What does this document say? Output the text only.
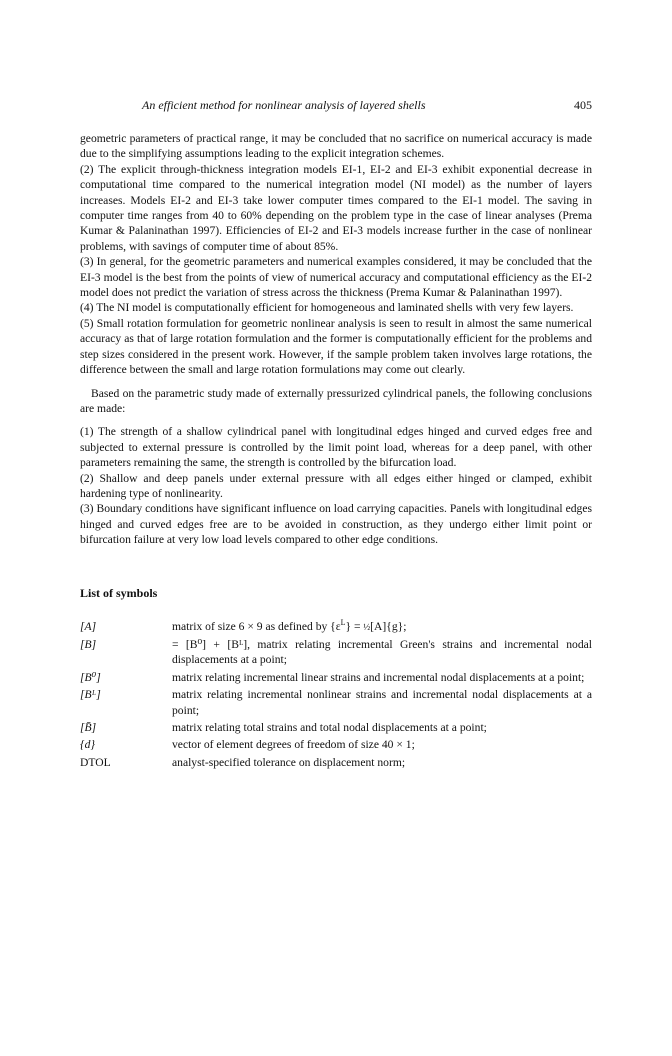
An efficient method for nonlinear analysis of layered shells	405

geometric parameters of practical range, it may be concluded that no sacrifice on numerical accuracy is made due to the simplifying assumptions leading to the explicit integration schemes.

(2) The explicit through-thickness integration models EI-1, EI-2 and EI-3 exhibit exponential decrease in computational time compared to the numerical integration model (NI model) as the number of layers increases. Models EI-2 and EI-3 take lower computer times compared to the EI-1 model. The saving in computer time ranges from 40 to 60% depending on the problem type in the case of linear analyses (Prema Kumar & Palaninathan 1997). Efficiencies of EI-2 and EI-3 models increase further in the case of nonlinear problems, with savings of computer time of about 85%.

(3) In general, for the geometric parameters and numerical examples considered, it may be concluded that the EI-3 model is the best from the points of view of numerical accuracy and computational efficiency as the EI-2 model does not predict the variation of stress across the thickness (Prema Kumar & Palaninathan 1997).

(4) The NI model is computationally efficient for homogeneous and laminated shells with very few layers.

(5) Small rotation formulation for geometric nonlinear analysis is seen to result in almost the same numerical accuracy as that of large rotation formulation and the former is computationally efficient for the problems and step sizes considered in the present work. However, if the sample problem taken involves large rotations, the difference between the small and large rotation formulations may come out clearly.

Based on the parametric study made of externally pressurized cylindrical panels, the following conclusions are made:

(1) The strength of a shallow cylindrical panel with longitudinal edges hinged and curved edges free and subjected to external pressure is controlled by the limit point load, whereas for a deep panel, with other parameters remaining the same, the strength is controlled by the bifurcation load.

(2) Shallow and deep panels under external pressure with all edges either hinged or clamped, exhibit hardening type of nonlinearity.

(3) Boundary conditions have significant influence on load carrying capacities. Panels with longitudinal edges hinged and curved edges free are to be avoided in construction, as they undergo either limit point or bifurcation failure at very low load levels compared to other edge conditions.

List of symbols
[A]	matrix of size 6 × 9 as defined by $\{\varepsilon^L\}$ = ½[A]{g};
[B]	= [B⁰] + [Bᴸ], matrix relating incremental Green's strains and incremental nodal displacements at a point;
[B⁰]	matrix relating incremental linear strains and incremental nodal displacements at a point;
[Bᴸ]	matrix relating incremental nonlinear strains and incremental nodal displacements at a point;
[B̄]	matrix relating total strains and total nodal displacements at a point;
{d}	vector of element degrees of freedom of size 40 × 1;
DTOL	analyst-specified tolerance on displacement norm;
